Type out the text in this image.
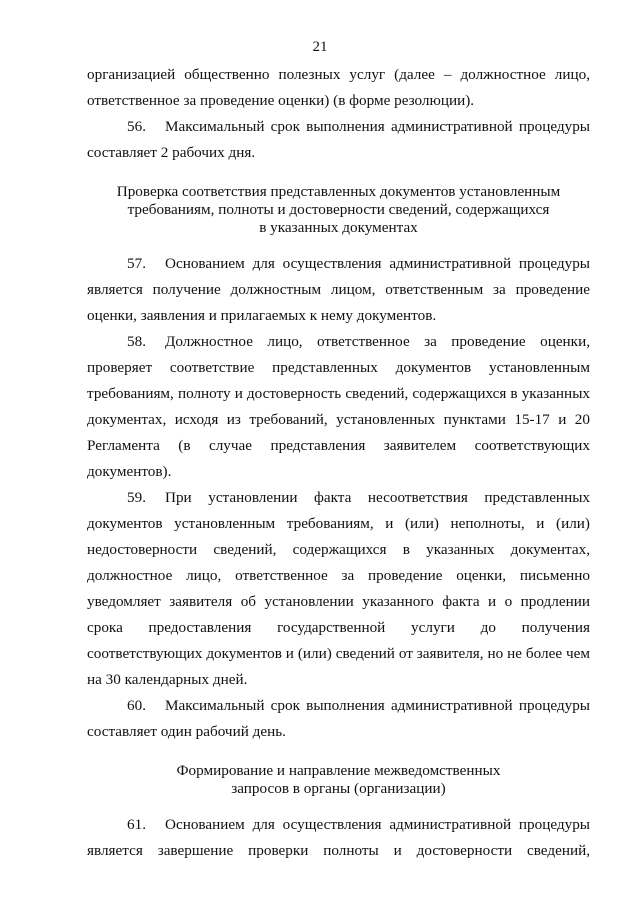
21

организацией общественно полезных услуг (далее – должностное лицо, ответственное за проведение оценки) (в форме резолюции).

56. Максимальный срок выполнения административной процедуры составляет 2 рабочих дня.

Проверка соответствия представленных документов установленным
требованиям, полноты и достоверности сведений, содержащихся
в указанных документах

57. Основанием для осуществления административной процедуры является получение должностным лицом, ответственным за проведение оценки, заявления и прилагаемых к нему документов.

58. Должностное лицо, ответственное за проведение оценки, проверяет соответствие представленных документов установленным требованиям, полноту и достоверность сведений, содержащихся в указанных документах, исходя из требований, установленных пунктами 15-17 и 20 Регламента (в случае представления заявителем соответствующих документов).

59. При установлении факта несоответствия представленных документов установленным требованиям, и (или) неполноты, и (или) недостоверности сведений, содержащихся в указанных документах, должностное лицо, ответственное за проведение оценки, письменно уведомляет заявителя об установлении указанного факта и о продлении срока предоставления государственной услуги до получения соответствующих документов и (или) сведений от заявителя, но не более чем на 30 календарных дней.

60. Максимальный срок выполнения административной процедуры составляет один рабочий день.

Формирование и направление межведомственных
запросов в органы (организации)

61. Основанием для осуществления административной процедуры является завершение проверки полноты и достоверности сведений,
